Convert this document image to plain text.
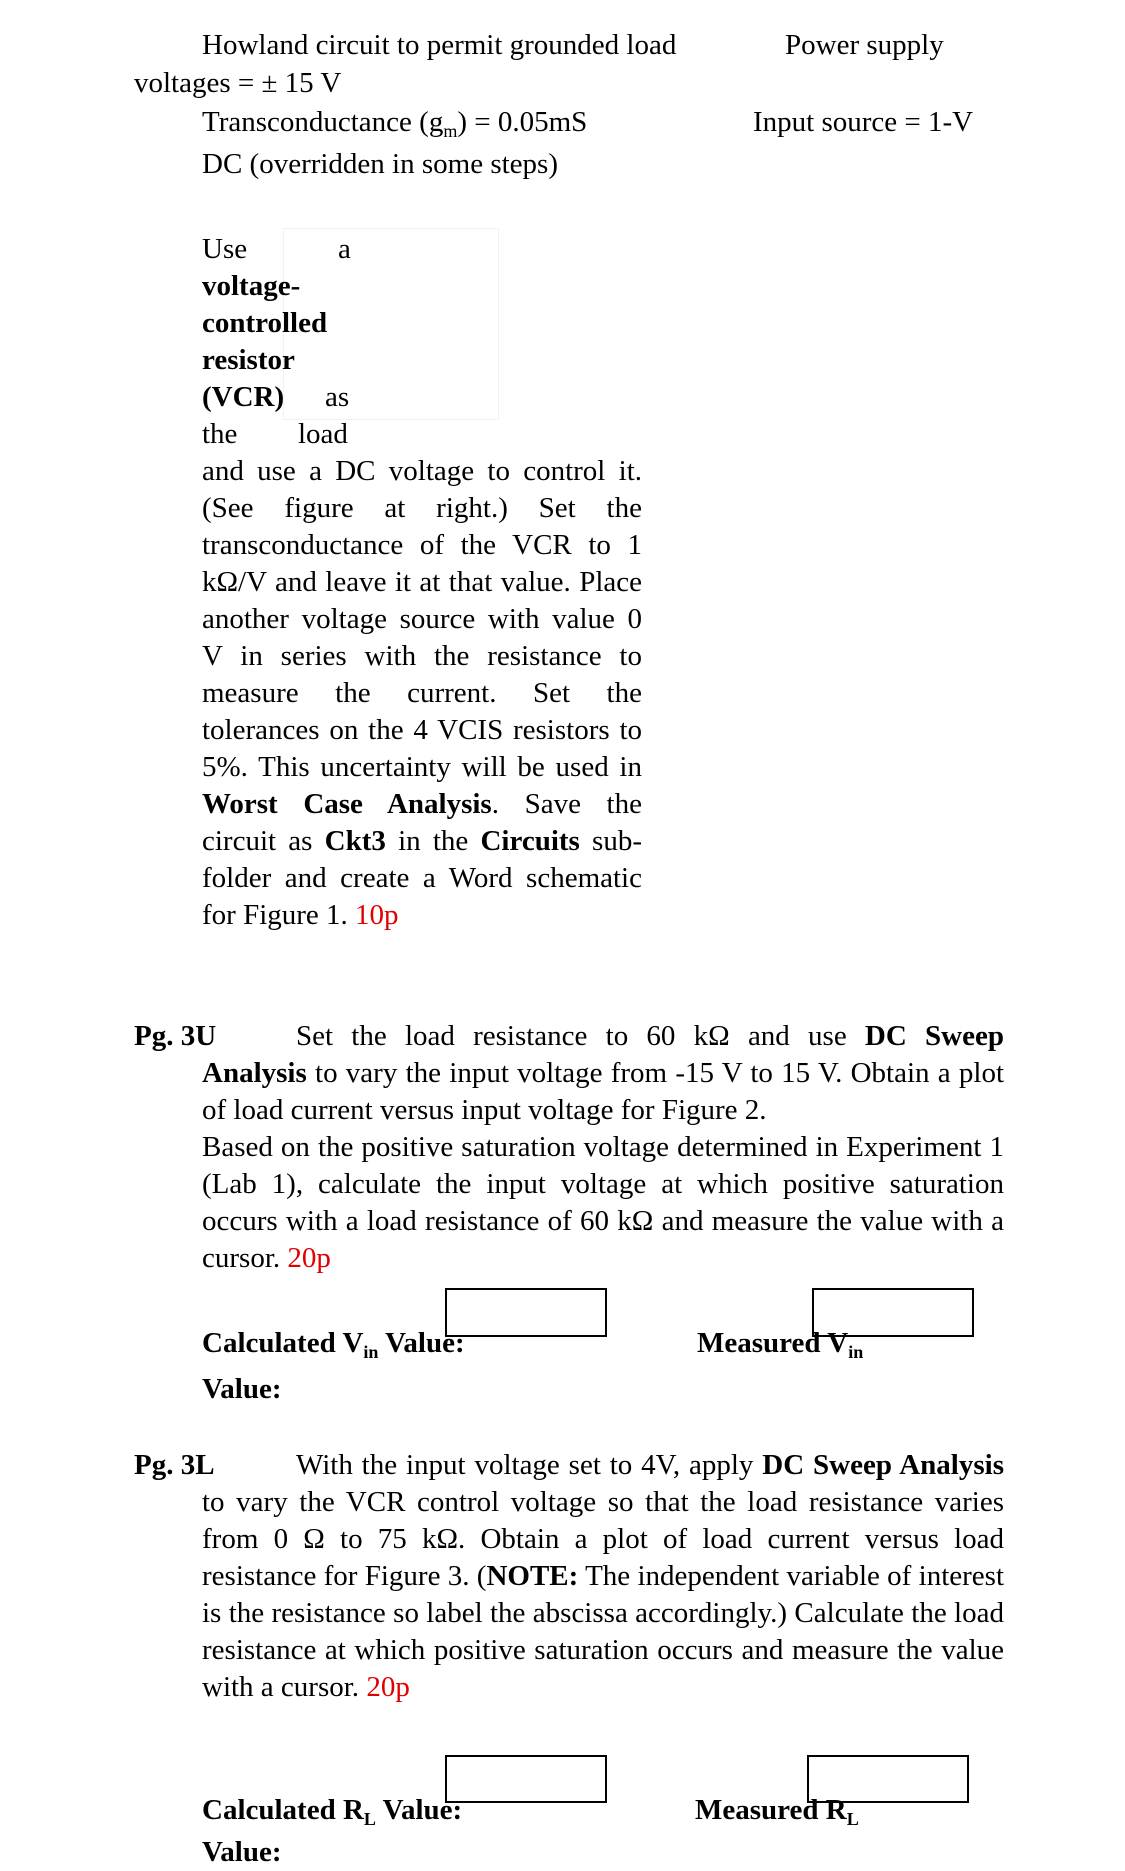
Howland circuit to permit grounded load	Power supply
voltages = ± 15 V
Transconductance $(g_m) = 0.05mS$	Input source = 1-V
DC (overridden in some steps)
Use	a
voltage-
controlled
resistor
(VCR) as
the load
and use a DC voltage to control it. (See figure at right.) Set the transconductance of the VCR to 1 kΩ/V and leave it at that value. Place another voltage source with value 0 V in series with the resistance to measure the current. Set the tolerances on the 4 VCIS resistors to 5%. This uncertainty will be used in Worst Case Analysis. Save the circuit as Ckt3 in the Circuits sub-folder and create a Word schematic for Figure 1. 10p
Pg. 3U	Set the load resistance to 60 kΩ and use DC Sweep Analysis to vary the input voltage from -15 V to 15 V. Obtain a plot of load current versus input voltage for Figure 2.
Based on the positive saturation voltage determined in Experiment 1 (Lab 1), calculate the input voltage at which positive saturation occurs with a load resistance of 60 kΩ and measure the value with a cursor. 20p
Calculated $V_{in}$ Value:	Measured $V_{in}$
Value:
Pg. 3L	With the input voltage set to 4V, apply DC Sweep Analysis to vary the VCR control voltage so that the load resistance varies from 0 Ω to 75 kΩ. Obtain a plot of load current versus load resistance for Figure 3. (NOTE: The independent variable of interest is the resistance so label the abscissa accordingly.) Calculate the load resistance at which positive saturation occurs and measure the value with a cursor. 20p
Calculated $R_L$ Value:	Measured $R_L$
Value:
